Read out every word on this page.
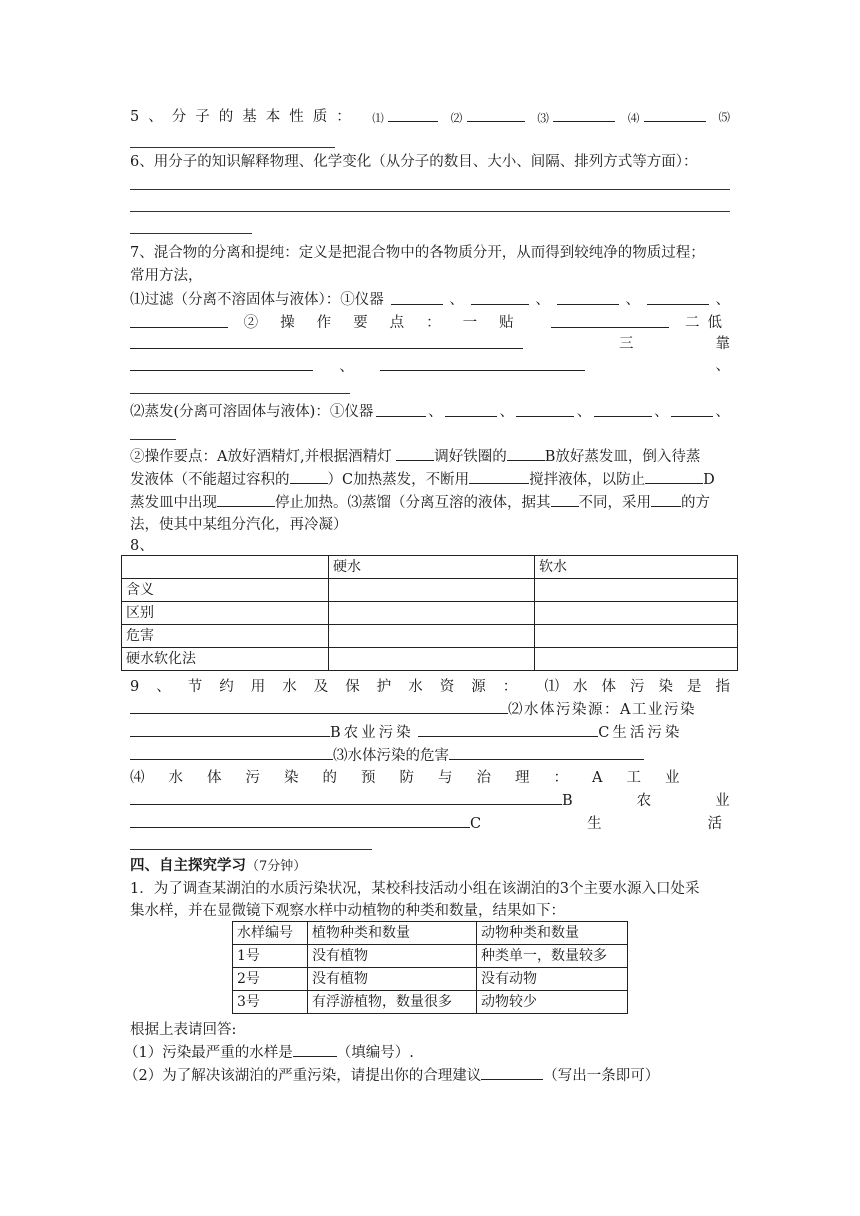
5、分子的基本性质： ⑴	⑵	⑶	⑷	⑸
6、用分子的知识解释物理、化学变化（从分子的数目、大小、间隔、排列方式等方面）：
7、混合物的分离和提纯：定义是把混合物中的各物质分开，从而得到较纯净的物质过程；
常用方法，
⑴过滤（分离不溶固体与液体）：①仪器	、	、	、	、
②操作要点：一贴	二低
三靠
、	、
⑵蒸发(分离可溶固体与液体)：①仪器	、	、	、	、	、
②操作要点：A放好酒精灯,并根据酒精灯	调好铁圈的	B放好蒸发皿，倒入待蒸
发液体（不能超过容积的	）C加热蒸发，不断用	搅拌液体，以防止	D
蒸发皿中出现	停止加热。⑶蒸馏（分离互溶的液体，据其 不同，采用 的方
法，使其中某组分汽化，再冷凝）
8、
	硬水	软水
含义		
区别		
危害		
硬水软化法		
9、节约用水及保护水资源： ⑴水体污染是指
⑵水体污染源：A工业污染
B农业污染	C生活污染
⑶水体污染的危害
⑷水体污染的预防与治理：A工业
B农业
C生活
四、自主探究学习（7分钟）
1．为了调查某湖泊的水质污染状况，某校科技活动小组在该湖泊的3个主要水源入口处采
集水样，并在显微镜下观察水样中动植物的种类和数量，结果如下：
水样编号	植物种类和数量	动物种类和数量
1号	没有植物	种类单一，数量较多
2号	没有植物	没有动物
3号	有浮游植物，数量很多	动物较少
根据上表请回答:
（1）污染最严重的水样是	（填编号）.
（2）为了解决该湖泊的严重污染，请提出你的合理建议	（写出一条即可）
